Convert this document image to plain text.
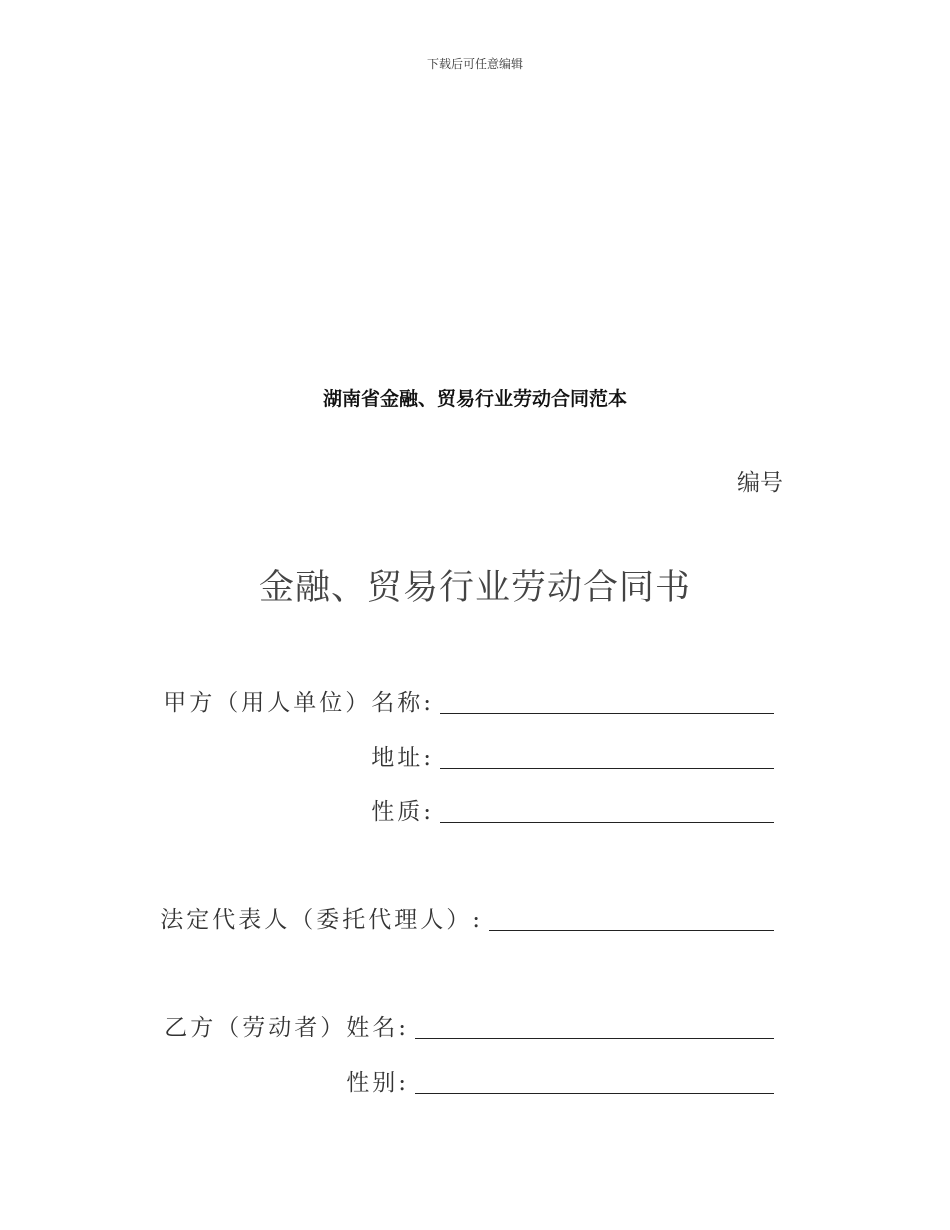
下载后可任意编辑
湖南省金融、贸易行业劳动合同范本
编号
金融、贸易行业劳动合同书
甲方（用人单位）名称:
地址:
性质:
法定代表人（委托代理人）:
乙方（劳动者）姓名:
性别:
